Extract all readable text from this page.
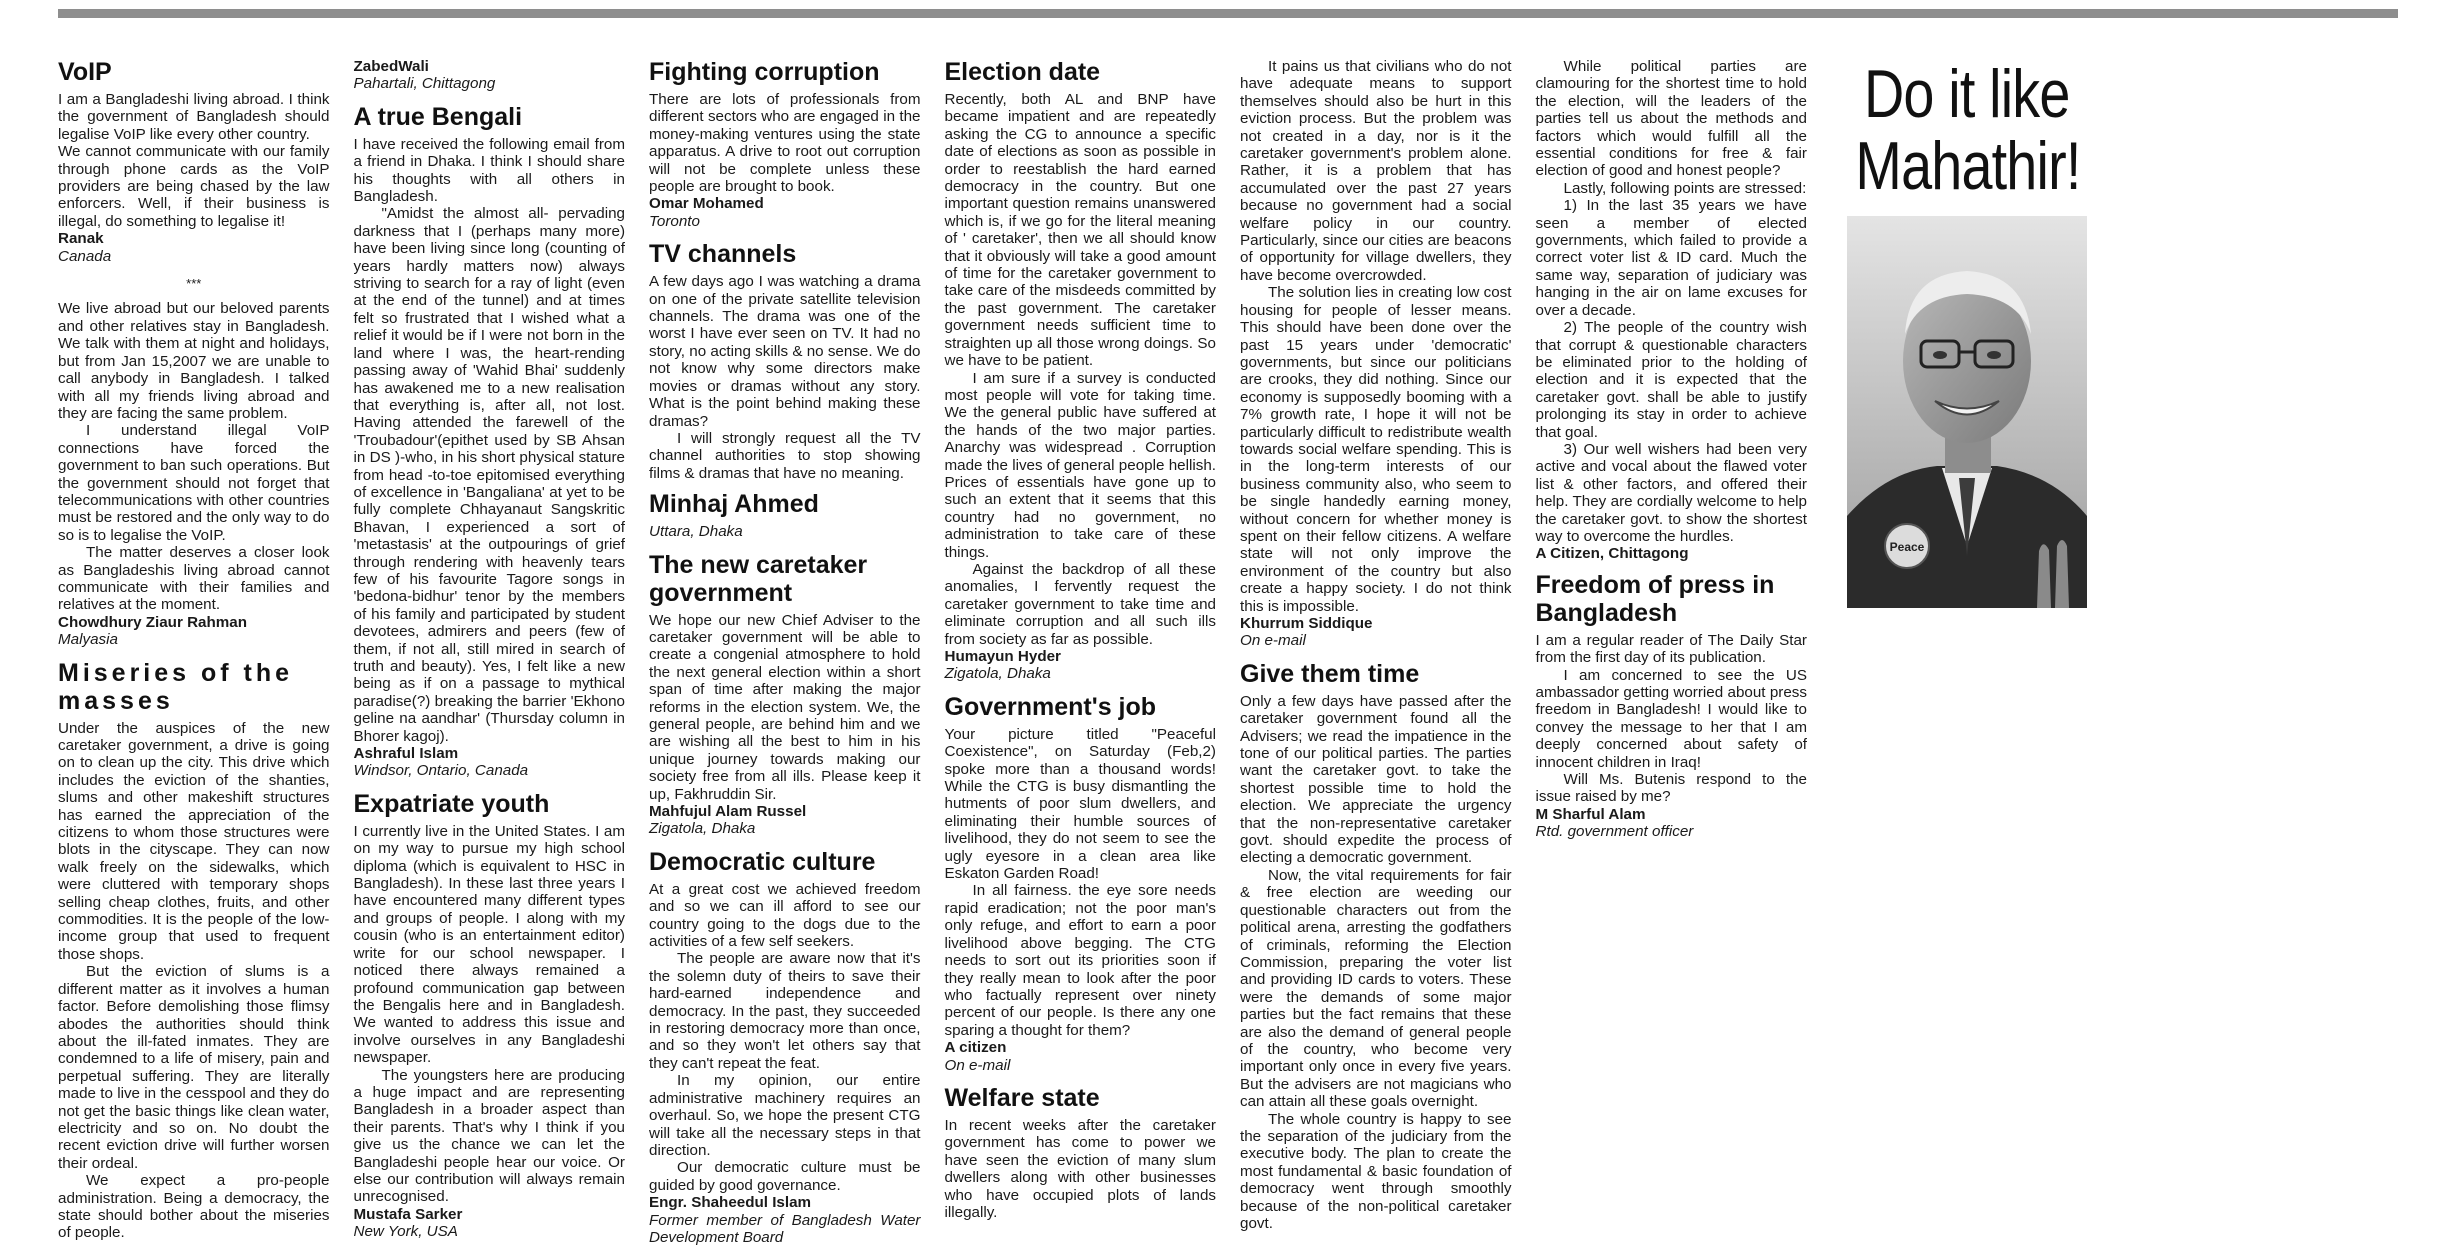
VoIP

I am a Bangladeshi living abroad. I think the government of Bangladesh should legalise VoIP like every other country.

We cannot communicate with our family through phone cards as the VoIP providers are being chased by the law enforcers. Well, if their business is illegal, do something to legalise it!

Ranak

Canada

***

We live abroad but our beloved parents and other relatives stay in Bangladesh. We talk with them at night and holidays, but from Jan 15,2007 we are unable to call anybody in Bangladesh. I talked with all my friends living abroad and they are facing the same problem.

I understand illegal VoIP connections have forced the government to ban such operations. But the government should not forget that telecommunications with other countries must be restored and the only way to do so is to legalise the VoIP.

The matter deserves a closer look as Bangladeshis living abroad cannot communicate with their families and relatives at the moment.

Chowdhury Ziaur Rahman

Malyasia

Miseries of the masses

Under the auspices of the new caretaker government, a drive is going on to clean up the city. This drive which includes the eviction of the shanties, slums and other makeshift structures has earned the appreciation of the citizens to whom those structures were blots in the cityscape. They can now walk freely on the sidewalks, which were cluttered with temporary shops selling cheap clothes, fruits, and other commodities. It is the people of the low-income group that used to frequent those shops.

But the eviction of slums is a different matter as it involves a human factor. Before demolishing those flimsy abodes the authorities should think about the ill-fated inmates. They are condemned to a life of misery, pain and perpetual suffering. They are literally made to live in the cesspool and they do not get the basic things like clean water, electricity and so on. No doubt the recent eviction drive will further worsen their ordeal.

We expect a pro-people administration. Being a democracy, the state should bother about the miseries of people.

ZabedWali

Pahartali, Chittagong

A true Bengali

I have received the following email from a friend in Dhaka. I think I should share his thoughts with all others in Bangladesh.

"Amidst the almost all- pervading darkness that I (perhaps many more) have been living since long (counting of years hardly matters now) always striving to search for a ray of light (even at the end of the tunnel) and at times felt so frustrated that I wished what a relief it would be if I were not born in the land where I was, the heart-rending passing away of 'Wahid Bhai' suddenly has awakened me to a new realisation that everything is, after all, not lost. Having attended the farewell of the 'Troubadour'(epithet used by SB Ahsan in DS )-who, in his short physical stature from head -to-toe epitomised everything of excellence in 'Bangaliana' at yet to be fully complete Chhayanaut Sangskritic Bhavan, I experienced a sort of 'metastasis' at the outpourings of grief through rendering with heavenly tears few of his favourite Tagore songs in 'bedona-bidhur' tenor by the members of his family and participated by student devotees, admirers and peers (few of them, if not all, still mired in search of truth and beauty). Yes, I felt like a new being as if on a passage to mythical paradise(?) breaking the barrier 'Ekhono geline na aandhar' (Thursday column in Bhorer kagoj).

Ashraful Islam

Windsor, Ontario, Canada

Expatriate youth

I currently live in the United States. I am on my way to pursue my high school diploma (which is equivalent to HSC in Bangladesh). In these last three years I have encountered many different types and groups of people. I along with my cousin (who is an entertainment editor) write for our school newspaper. I noticed there always remained a profound communication gap between the Bengalis here and in Bangladesh. We wanted to address this issue and involve ourselves in any Bangladeshi newspaper.

The youngsters here are producing a huge impact and are representing Bangladesh in a broader aspect than their parents. That's why I think if you give us the chance we can let the Bangladeshi people hear our voice. Or else our contribution will always remain unrecognised.

Mustafa Sarker

New York, USA

Fighting corruption

There are lots of professionals from different sectors who are engaged in the money-making ventures using the state apparatus. A drive to root out corruption will not be complete unless these people are brought to book.

Omar Mohamed

Toronto

TV channels

A few days ago I was watching a drama on one of the private satellite television channels. The drama was one of the worst I have ever seen on TV. It had no story, no acting skills & no sense. We do not know why some directors make movies or dramas without any story. What is the point behind making these dramas?

I will strongly request all the TV channel authorities to stop showing films & dramas that have no meaning.

Minhaj Ahmed

Uttara, Dhaka

The new caretaker government

We hope our new Chief Adviser to the caretaker government will be able to create a congenial atmosphere to hold the next general election within a short span of time after making the major reforms in the election system. We, the general people, are behind him and we are wishing all the best to him in his unique journey towards making our society free from all ills. Please keep it up, Fakhruddin Sir.

Mahfujul Alam Russel

Zigatola, Dhaka

Democratic culture

At a great cost we achieved freedom and so we can ill afford to see our country going to the dogs due to the activities of a few self seekers.

The people are aware now that it's the solemn duty of theirs to save their hard-earned independence and democracy. In the past, they succeeded in restoring democracy more than once, and so they won't let others say that they can't repeat the feat.

In my opinion, our entire administrative machinery requires an overhaul. So, we hope the present CTG will take all the necessary steps in that direction.

Our democratic culture must be guided by good governance.

Engr. Shaheedul Islam

Former member of Bangladesh Water Development Board

Election date

Recently, both AL and BNP have became impatient and are repeatedly asking the CG to announce a specific date of elections as soon as possible in order to reestablish the hard earned democracy in the country. But one important question remains unanswered which is, if we go for the literal meaning of ' caretaker', then we all should know that it obviously will take a good amount of time for the caretaker government to take care of the misdeeds committed by the past government. The caretaker government needs sufficient time to straighten up all those wrong doings. So we have to be patient.

I am sure if a survey is conducted most people will vote for taking time. We the general public have suffered at the hands of the two major parties. Anarchy was widespread . Corruption made the lives of general people hellish. Prices of essentials have gone up to such an extent that it seems that this country had no government, no administration to take care of these things.

Against the backdrop of all these anomalies, I fervently request the caretaker government to take time and eliminate corruption and all such ills from society as far as possible.

Humayun Hyder

Zigatola, Dhaka

Government's job

Your picture titled "Peaceful Coexistence", on Saturday (Feb,2) spoke more than a thousand words! While the CTG is busy dismantling the hutments of poor slum dwellers, and eliminating their humble sources of livelihood, they do not seem to see the ugly eyesore in a clean area like Eskaton Garden Road!

In all fairness. the eye sore needs rapid eradication; not the poor man's only refuge, and effort to earn a poor livelihood above begging. The CTG needs to sort out its priorities soon if they really mean to look after the poor who factually represent over ninety percent of our people. Is there any one sparing a thought for them?

A citizen

On e-mail

Welfare state

In recent weeks after the caretaker government has come to power we have seen the eviction of many slum dwellers along with other businesses who have occupied plots of lands illegally.

It pains us that civilians who do not have adequate means to support themselves should also be hurt in this eviction process. But the problem was not created in a day, nor is it the caretaker government's problem alone. Rather, it is a problem that has accumulated over the past 27 years because no government had a social welfare policy in our country. Particularly, since our cities are beacons of opportunity for village dwellers, they have become overcrowded.

The solution lies in creating low cost housing for people of lesser means. This should have been done over the past 15 years under 'democratic' governments, but since our politicians are crooks, they did nothing. Since our economy is supposedly booming with a 7% growth rate, I hope it will not be particularly difficult to redistribute wealth towards social welfare spending. This is in the long-term interests of our business community also, who seem to be single handedly earning money, without concern for whether money is spent on their fellow citizens. A welfare state will not only improve the environment of the country but also create a happy society. I do not think this is impossible.

Khurrum Siddique

On e-mail

Give them time

Only a few days have passed after the caretaker government found all the Advisers; we read the impatience in the tone of our political parties. The parties want the caretaker govt. to take the shortest possible time to hold the election. We appreciate the urgency that the non-representative caretaker govt. should expedite the process of electing a democratic government.

Now, the vital requirements for fair & free election are weeding our questionable characters out from the political arena, arresting the godfathers of criminals, reforming the Election Commission, preparing the voter list and providing ID cards to voters. These were the demands of some major parties but the fact remains that these are also the demand of general people of the country, who become very important only once in every five years. But the advisers are not magicians who can attain all these goals overnight.

The whole country is happy to see the separation of the judiciary from the executive body. The plan to create the most fundamental & basic foundation of democracy went through smoothly because of the non-political caretaker govt.

While political parties are clamouring for the shortest time to hold the election, will the leaders of the parties tell us about the methods and factors which would fulfill all the essential conditions for free & fair election of good and honest people?

Lastly, following points are stressed:

1) In the last 35 years we have seen a member of elected governments, which failed to provide a correct voter list & ID card. Much the same way, separation of judiciary was hanging in the air on lame excuses for over a decade.

2) The people of the country wish that corrupt & questionable characters be eliminated prior to the holding of election and it is expected that the caretaker govt. shall be able to justify prolonging its stay in order to achieve that goal.

3) Our well wishers had been very active and vocal about the flawed voter list & other factors, and offered their help. They are cordially welcome to help the caretaker govt. to show the shortest way to overcome the hurdles.

A Citizen, Chittagong

Freedom of press in Bangladesh

I am a regular reader of The Daily Star from the first day of its publication.

I am concerned to see the US ambassador getting worried about press freedom in Bangladesh! I would like to convey the message to her that I am deeply concerned about safety of innocent children in Iraq!

Will Ms. Butenis respond to the issue raised by me?

M Sharful Alam

Rtd. government officer

Do it like
Mahathir!
Peace
